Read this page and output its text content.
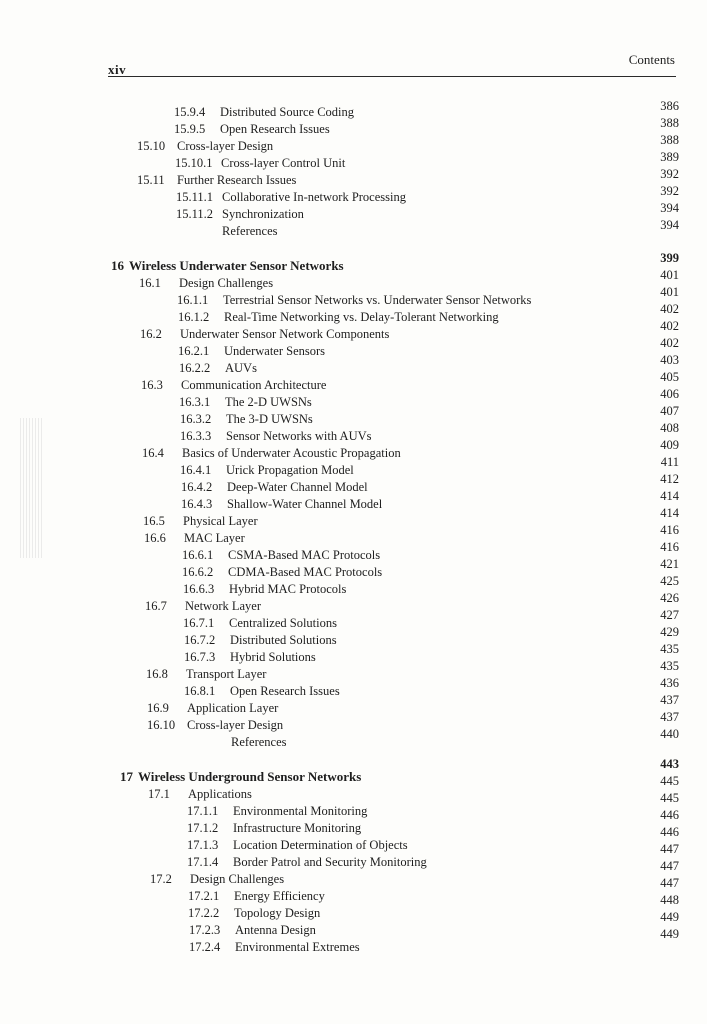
xiv
Contents
15.9.4 Distributed Source Coding
15.9.5 Open Research Issues
15.10 Cross-layer Design
15.10.1 Cross-layer Control Unit
15.11 Further Research Issues
15.11.1 Collaborative In-network Processing
15.11.2 Synchronization
References
16 Wireless Underwater Sensor Networks
16.1 Design Challenges
16.1.1 Terrestrial Sensor Networks vs. Underwater Sensor Networks
16.1.2 Real-Time Networking vs. Delay-Tolerant Networking
16.2 Underwater Sensor Network Components
16.2.1 Underwater Sensors
16.2.2 AUVs
16.3 Communication Architecture
16.3.1 The 2-D UWSNs
16.3.2 The 3-D UWSNs
16.3.3 Sensor Networks with AUVs
16.4 Basics of Underwater Acoustic Propagation
16.4.1 Urick Propagation Model
16.4.2 Deep-Water Channel Model
16.4.3 Shallow-Water Channel Model
16.5 Physical Layer
16.6 MAC Layer
16.6.1 CSMA-Based MAC Protocols
16.6.2 CDMA-Based MAC Protocols
16.6.3 Hybrid MAC Protocols
16.7 Network Layer
16.7.1 Centralized Solutions
16.7.2 Distributed Solutions
16.7.3 Hybrid Solutions
16.8 Transport Layer
16.8.1 Open Research Issues
16.9 Application Layer
16.10 Cross-layer Design
References
17 Wireless Underground Sensor Networks
17.1 Applications
17.1.1 Environmental Monitoring
17.1.2 Infrastructure Monitoring
17.1.3 Location Determination of Objects
17.1.4 Border Patrol and Security Monitoring
17.2 Design Challenges
17.2.1 Energy Efficiency
17.2.2 Topology Design
17.2.3 Antenna Design
17.2.4 Environmental Extremes
386
388
388
389
392
392
394
394
399
401
401
402
402
402
403
405
406
407
408
409
411
412
414
414
416
416
421
425
426
427
429
435
435
436
437
437
440
443
445
445
446
446
447
447
447
448
449
449
